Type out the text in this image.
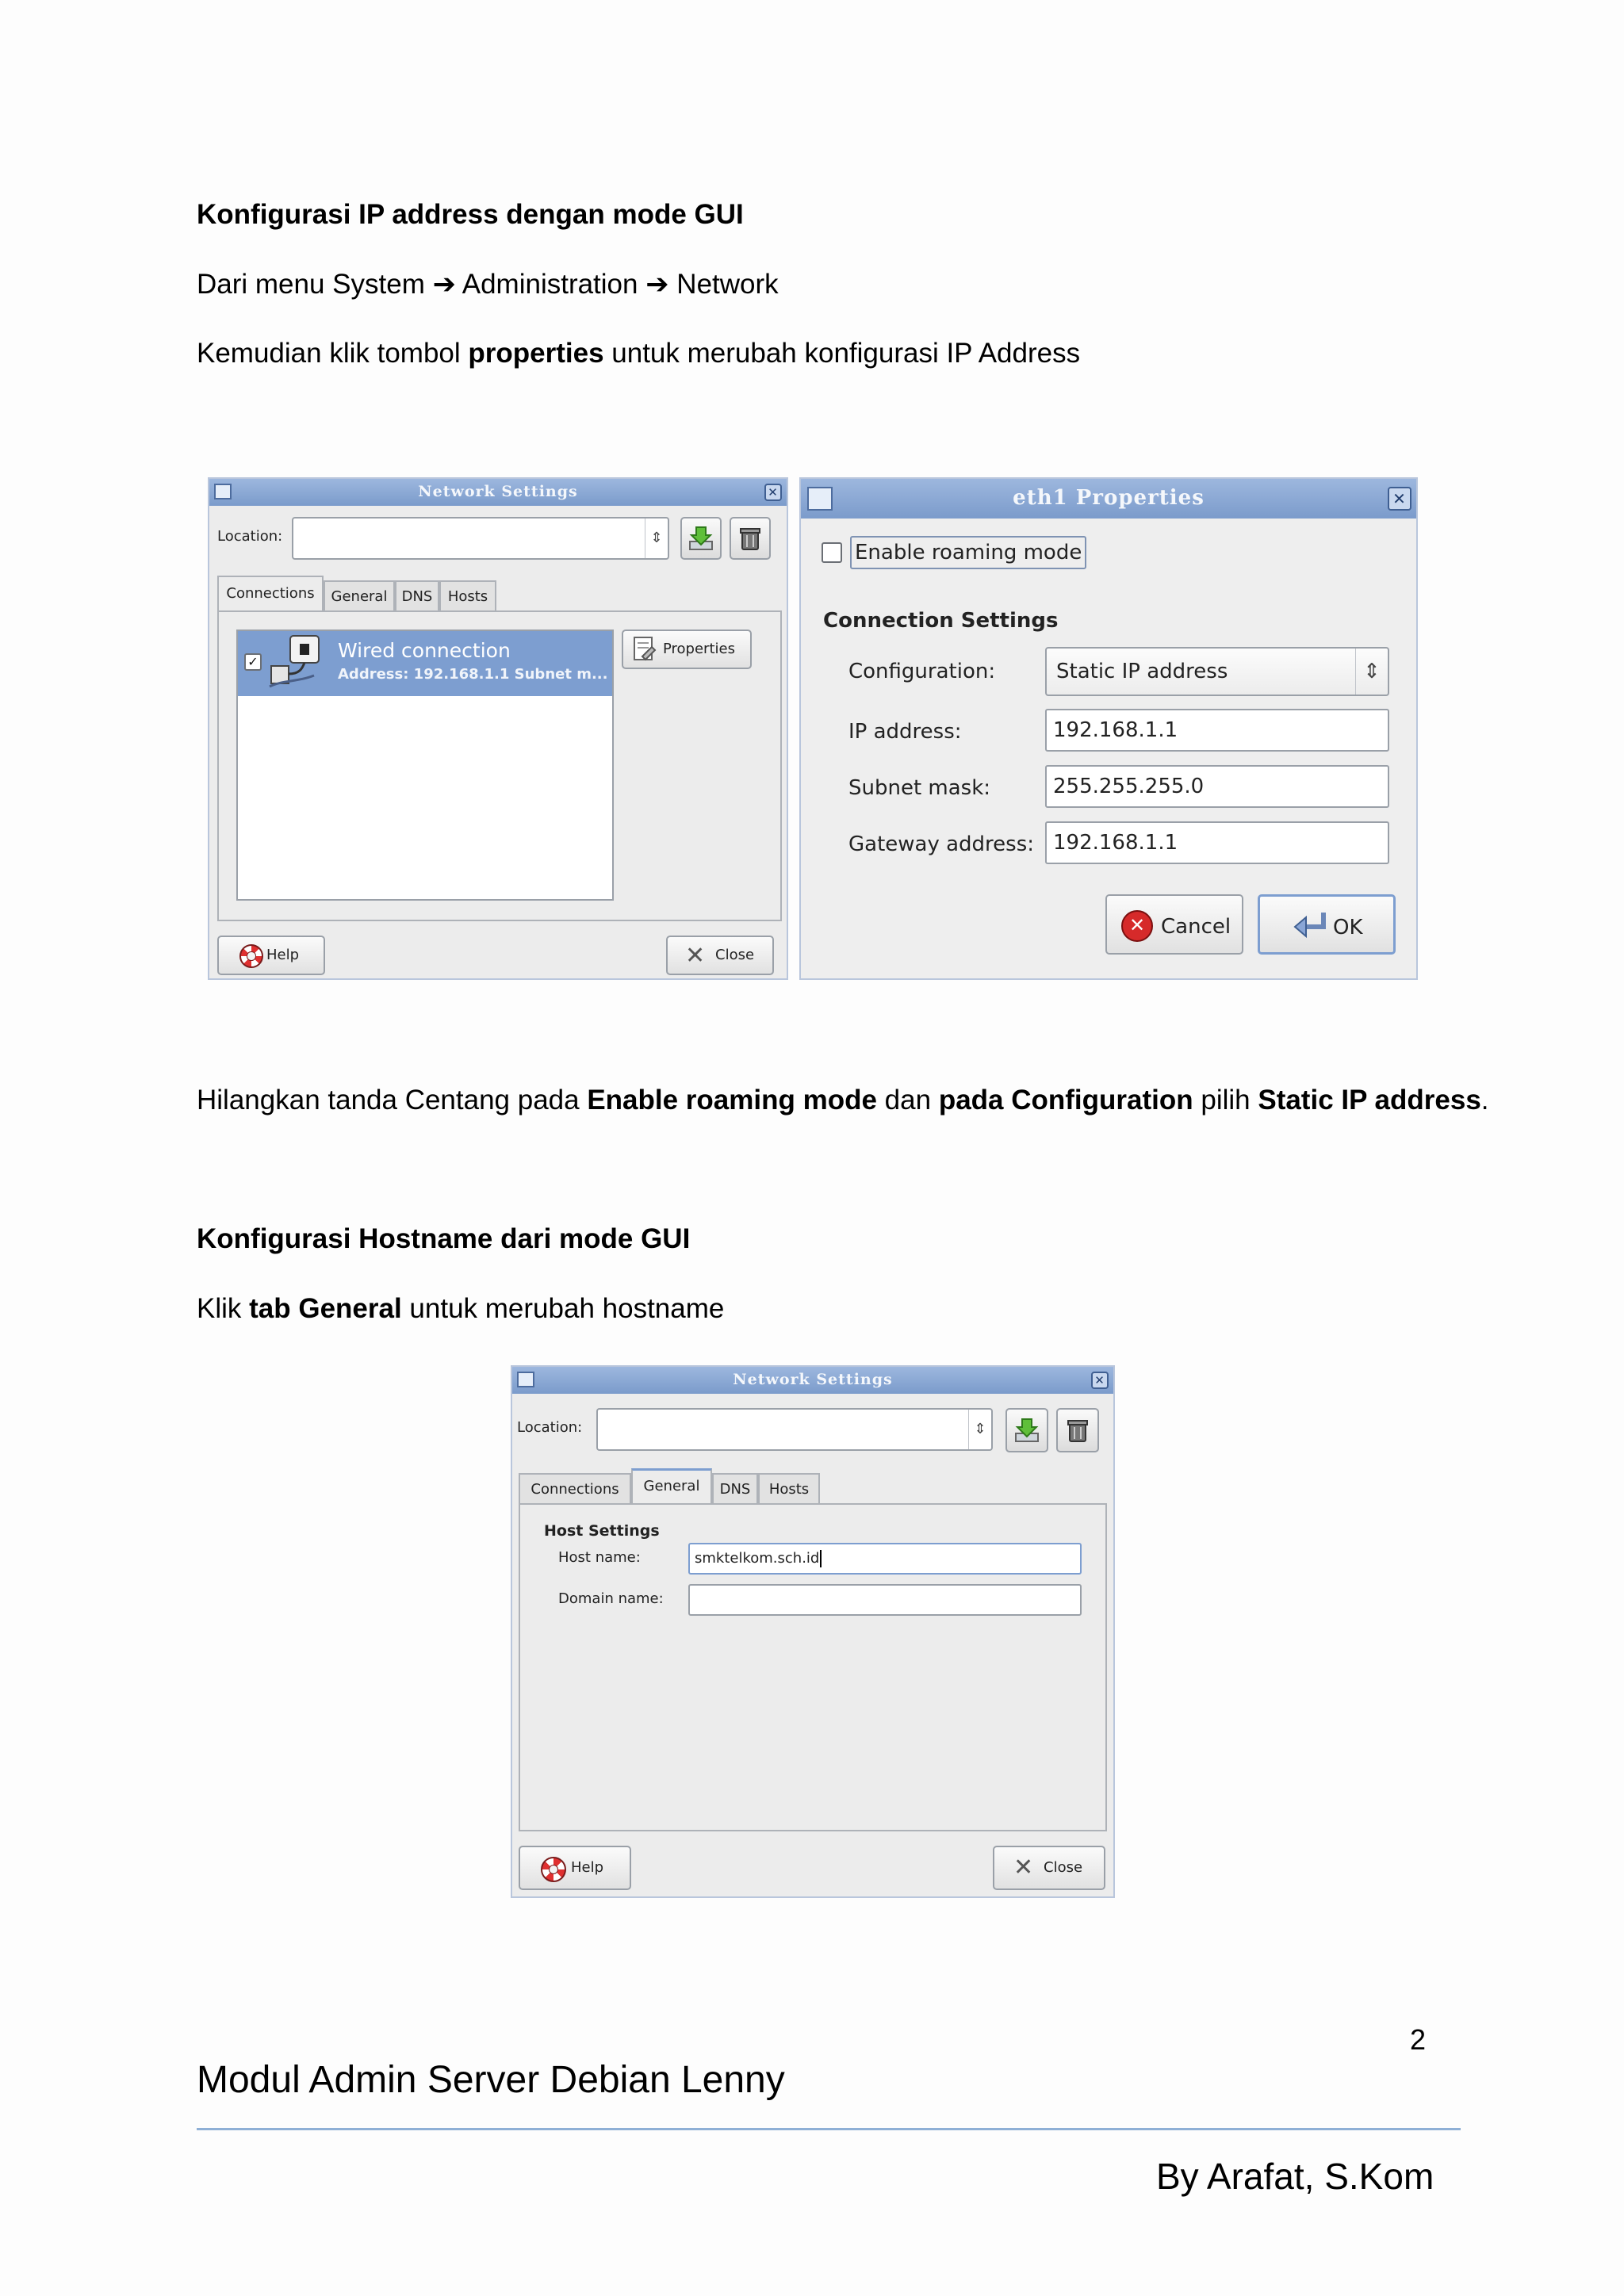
Konfigurasi IP address dengan mode GUI
Dari menu System ➔ Administration ➔ Network
Kemudian klik tombol properties untuk merubah konfigurasi IP Address
Network Settings	✕
Location:	⇕
Connections	General	DNS	Hosts
✓	Wired connection
Address: 192.168.1.1 Subnet m...
Properties
Help	✕ Close
eth1 Properties	✕
Enable roaming mode
Connection Settings
Configuration:	Static IP address	⇕
IP address:	192.168.1.1
Subnet mask:	255.255.255.0
Gateway address: 192.168.1.1
✕ Cancel	OK
Hilangkan tanda Centang pada Enable roaming mode dan pada Configuration pilih Static IP address.
Konfigurasi Hostname dari mode GUI
Klik tab General untuk merubah hostname
Network Settings	✕
Location:	⇕
Connections	General	DNS	Hosts
Host Settings
Host name:	smktelkom.sch.id
Domain name:
Help	✕ Close
2
Modul Admin Server Debian Lenny
By Arafat, S.Kom
